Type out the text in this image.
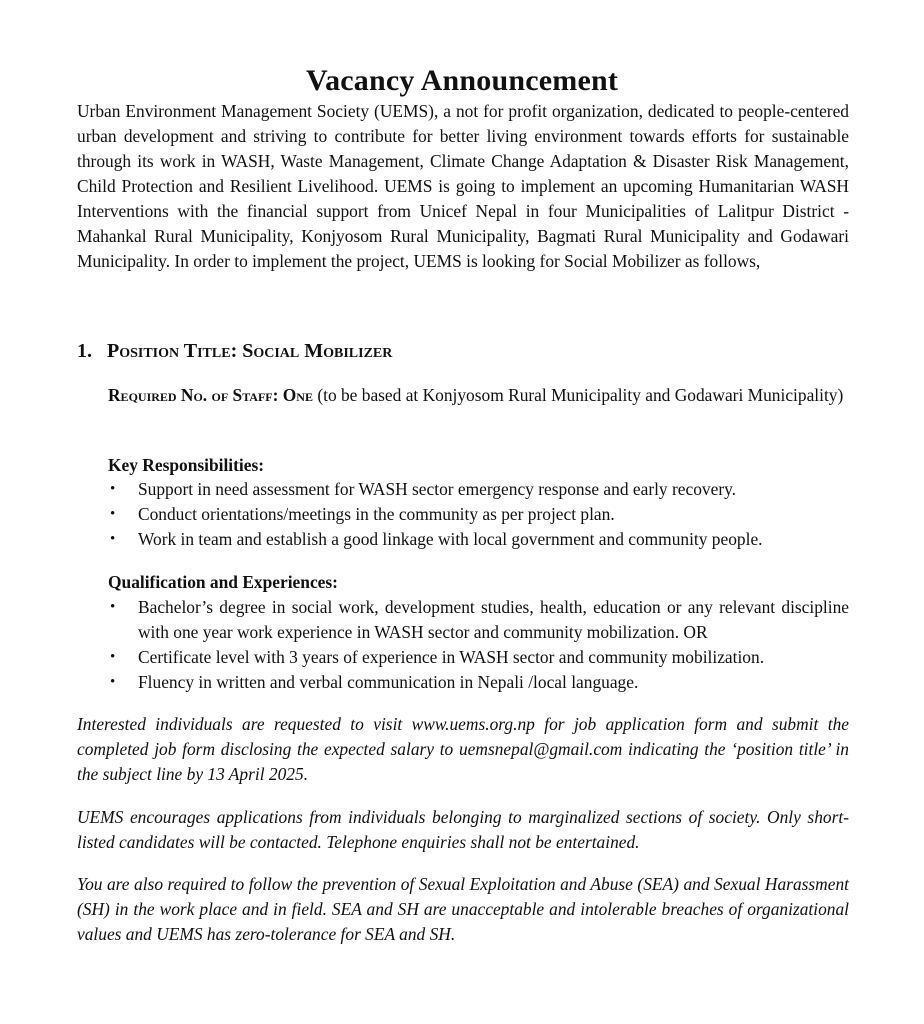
Vacancy Announcement

Urban Environment Management Society (UEMS), a not for profit organization, dedicated to people-centered urban development and striving to contribute for better living environment towards efforts for sustainable through its work in WASH, Waste Management, Climate Change Adaptation & Disaster Risk Management, Child Protection and Resilient Livelihood. UEMS is going to implement an upcoming Humanitarian WASH Interventions with the financial support from Unicef Nepal in four Municipalities of Lalitpur District - Mahankal Rural Municipality, Konjyosom Rural Municipality, Bagmati Rural Municipality and Godawari Municipality. In order to implement the project, UEMS is looking for Social Mobilizer as follows,

1. Position Title: Social Mobilizer

Required No. of Staff: One (to be based at Konjyosom Rural Municipality and Godawari Municipality)

Key Responsibilities:
• Support in need assessment for WASH sector emergency response and early recovery.
• Conduct orientations/meetings in the community as per project plan.
• Work in team and establish a good linkage with local government and community people.
Qualification and Experiences:
• Bachelor’s degree in social work, development studies, health, education or any relevant discipline with one year work experience in WASH sector and community mobilization. OR
• Certificate level with 3 years of experience in WASH sector and community mobilization.
• Fluency in written and verbal communication in Nepali /local language.

Interested individuals are requested to visit www.uems.org.np for job application form and submit the completed job form disclosing the expected salary to uemsnepal@gmail.com indicating the ‘position title’ in the subject line by 13 April 2025.

UEMS encourages applications from individuals belonging to marginalized sections of society. Only short-listed candidates will be contacted. Telephone enquiries shall not be entertained.

You are also required to follow the prevention of Sexual Exploitation and Abuse (SEA) and Sexual Harassment (SH) in the work place and in field. SEA and SH are unacceptable and intolerable breaches of organizational values and UEMS has zero-tolerance for SEA and SH.
